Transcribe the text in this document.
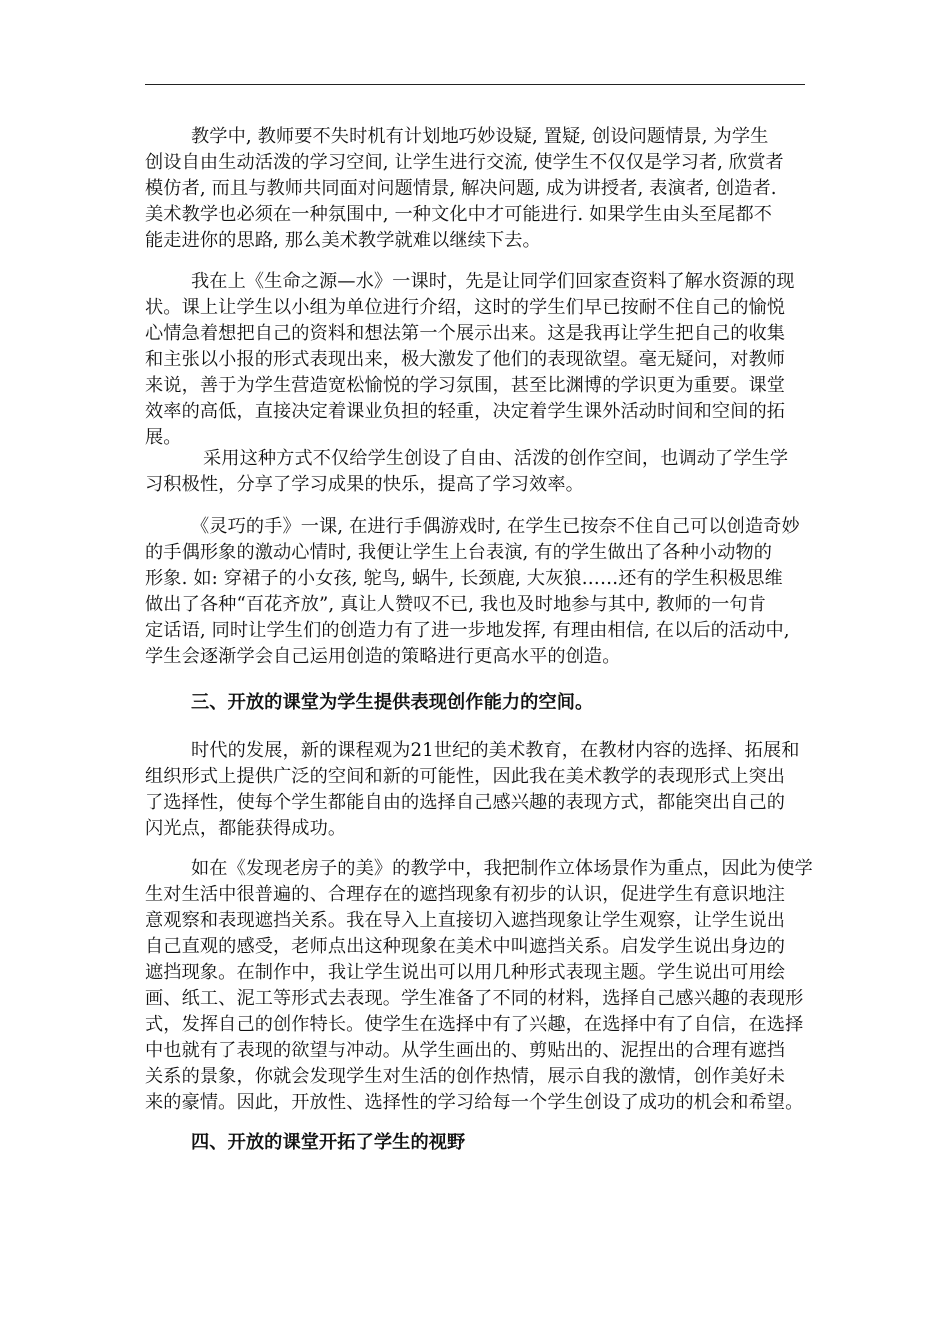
教学中, 教师要不失时机有计划地巧妙设疑, 置疑, 创设问题情景, 为学生
创设自由生动活泼的学习空间, 让学生进行交流, 使学生不仅仅是学习者, 欣赏者
模仿者, 而且与教师共同面对问题情景, 解决问题, 成为讲授者, 表演者, 创造者.
美术教学也必须在一种氛围中, 一种文化中才可能进行. 如果学生由头至尾都不
能走进你的思路, 那么美术教学就难以继续下去。
我在上《生命之源—水》一课时，先是让同学们回家查资料了解水资源的现
状。课上让学生以小组为单位进行介绍，这时的学生们早已按耐不住自己的愉悦
心情急着想把自己的资料和想法第一个展示出来。这是我再让学生把自己的收集
和主张以小报的形式表现出来，极大激发了他们的表现欲望。毫无疑问，对教师
来说，善于为学生营造宽松愉悦的学习氛围，甚至比渊博的学识更为重要。课堂
效率的高低，直接决定着课业负担的轻重，决定着学生课外活动时间和空间的拓
展。
采用这种方式不仅给学生创设了自由、活泼的创作空间，也调动了学生学
习积极性，分享了学习成果的快乐，提高了学习效率。
《灵巧的手》一课, 在进行手偶游戏时, 在学生已按奈不住自己可以创造奇妙
的手偶形象的激动心情时, 我便让学生上台表演, 有的学生做出了各种小动物的
形象. 如: 穿裙子的小女孩, 鸵鸟, 蜗牛, 长颈鹿, 大灰狼……还有的学生积极思维
做出了各种“百花齐放”, 真让人赞叹不已, 我也及时地参与其中, 教师的一句肯
定话语, 同时让学生们的创造力有了进一步地发挥, 有理由相信, 在以后的活动中,
学生会逐渐学会自己运用创造的策略进行更高水平的创造。
三、开放的课堂为学生提供表现创作能力的空间。
时代的发展，新的课程观为21世纪的美术教育，在教材内容的选择、拓展和
组织形式上提供广泛的空间和新的可能性，因此我在美术教学的表现形式上突出
了选择性，使每个学生都能自由的选择自己感兴趣的表现方式，都能突出自己的
闪光点，都能获得成功。
如在《发现老房子的美》的教学中，我把制作立体场景作为重点，因此为使学
生对生活中很普遍的、合理存在的遮挡现象有初步的认识，促进学生有意识地注
意观察和表现遮挡关系。我在导入上直接切入遮挡现象让学生观察，让学生说出
自己直观的感受，老师点出这种现象在美术中叫遮挡关系。启发学生说出身边的
遮挡现象。在制作中，我让学生说出可以用几种形式表现主题。学生说出可用绘
画、纸工、泥工等形式去表现。学生准备了不同的材料，选择自己感兴趣的表现形
式，发挥自己的创作特长。使学生在选择中有了兴趣，在选择中有了自信，在选择
中也就有了表现的欲望与冲动。从学生画出的、剪贴出的、泥捏出的合理有遮挡
关系的景象，你就会发现学生对生活的创作热情，展示自我的激情，创作美好未
来的豪情。因此，开放性、选择性的学习给每一个学生创设了成功的机会和希望。
四、开放的课堂开拓了学生的视野
